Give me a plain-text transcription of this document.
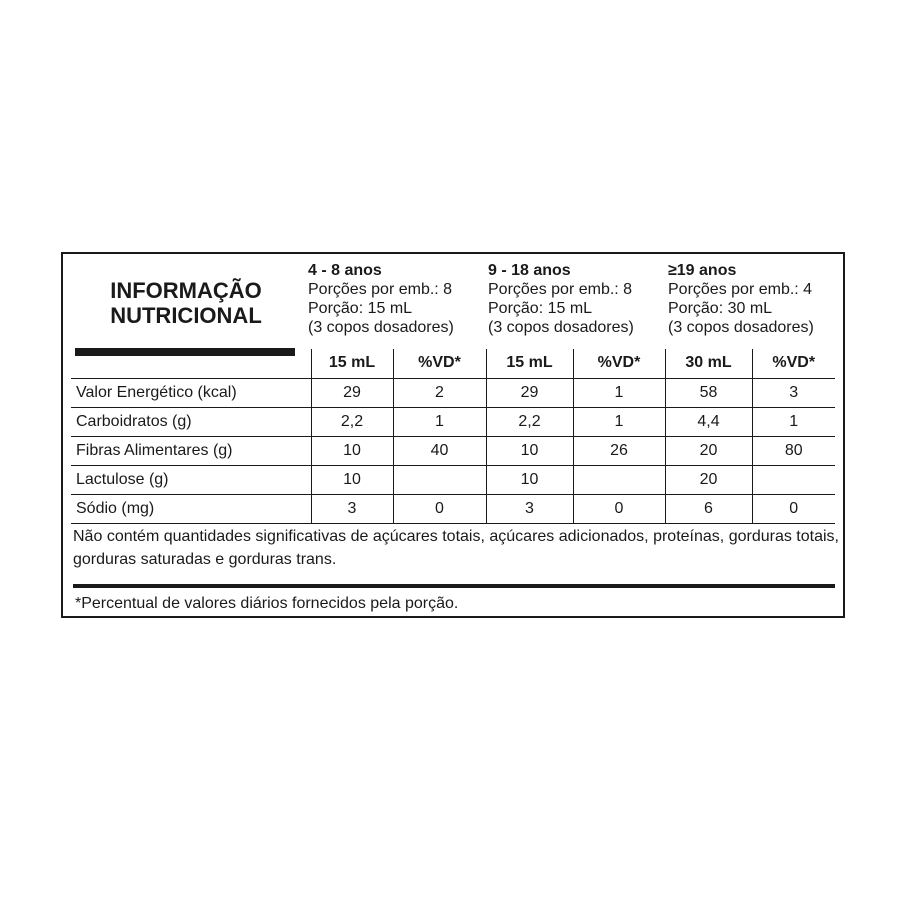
INFORMAÇÃO
NUTRICIONAL
4 - 8 anos
Porções por emb.: 8
Porção: 15 mL
(3 copos dosadores)
9 - 18 anos
Porções por emb.: 8
Porção: 15 mL
(3 copos dosadores)
≥19 anos
Porções por emb.: 4
Porção: 30 mL
(3 copos dosadores)
	15 mL	%VD*	15 mL	%VD*	30 mL	%VD*
Valor Energético (kcal)	29	2	29	1	58	3
Carboidratos (g)	2,2	1	2,2	1	4,4	1
Fibras Alimentares (g)	10	40	10	26	20	80
Lactulose (g)	10		10		20	
Sódio (mg)	3	0	3	0	6	0
Não contém quantidades significativas de açúcares totais, açúcares adicionados, proteínas, gorduras totais, gorduras saturadas e gorduras trans.
*Percentual de valores diários fornecidos pela porção.
